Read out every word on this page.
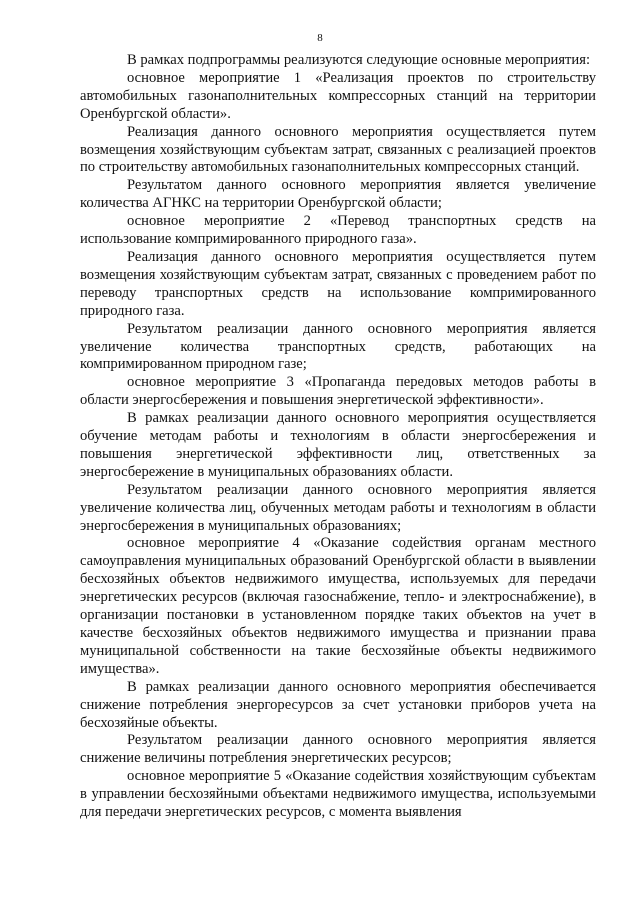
8

В рамках подпрограммы реализуются следующие основные мероприятия:

основное мероприятие 1 «Реализация проектов по строительству автомобильных газонаполнительных компрессорных станций на территории Оренбургской области».

Реализация данного основного мероприятия осуществляется путем возмещения хозяйствующим субъектам затрат, связанных с реализацией проектов по строительству автомобильных газонаполнительных компрессорных станций.

Результатом данного основного мероприятия является увеличение количества АГНКС на территории Оренбургской области;

основное мероприятие 2 «Перевод транспортных средств на использование компримированного природного газа».

Реализация данного основного мероприятия осуществляется путем возмещения хозяйствующим субъектам затрат, связанных с проведением работ по переводу транспортных средств на использование компримированного природного газа.

Результатом реализации данного основного мероприятия является увеличение количества транспортных средств, работающих на компримированном природном газе;

основное мероприятие 3 «Пропаганда передовых методов работы в области энергосбережения и повышения энергетической эффективности».

В рамках реализации данного основного мероприятия осуществляется обучение методам работы и технологиям в области энергосбережения и повышения энергетической эффективности лиц, ответственных за энергосбережение в муниципальных образованиях области.

Результатом реализации данного основного мероприятия является увеличение количества лиц, обученных методам работы и технологиям в области энергосбережения в муниципальных образованиях;

основное мероприятие 4 «Оказание содействия органам местного самоуправления муниципальных образований Оренбургской области в выявлении бесхозяйных объектов недвижимого имущества, используемых для передачи энергетических ресурсов (включая газоснабжение, тепло- и электроснабжение), в организации постановки в установленном порядке таких объектов на учет в качестве бесхозяйных объектов недвижимого имущества и признании права муниципальной собственности на такие бесхозяйные объекты недвижимого имущества».

В рамках реализации данного основного мероприятия обеспечивается снижение потребления энергоресурсов за счет установки приборов учета на бесхозяйные объекты.

Результатом реализации данного основного мероприятия является снижение величины потребления энергетических ресурсов;

основное мероприятие 5 «Оказание содействия хозяйствующим субъектам в управлении бесхозяйными объектами недвижимого имущества, используемыми для передачи энергетических ресурсов, с момента выявления
